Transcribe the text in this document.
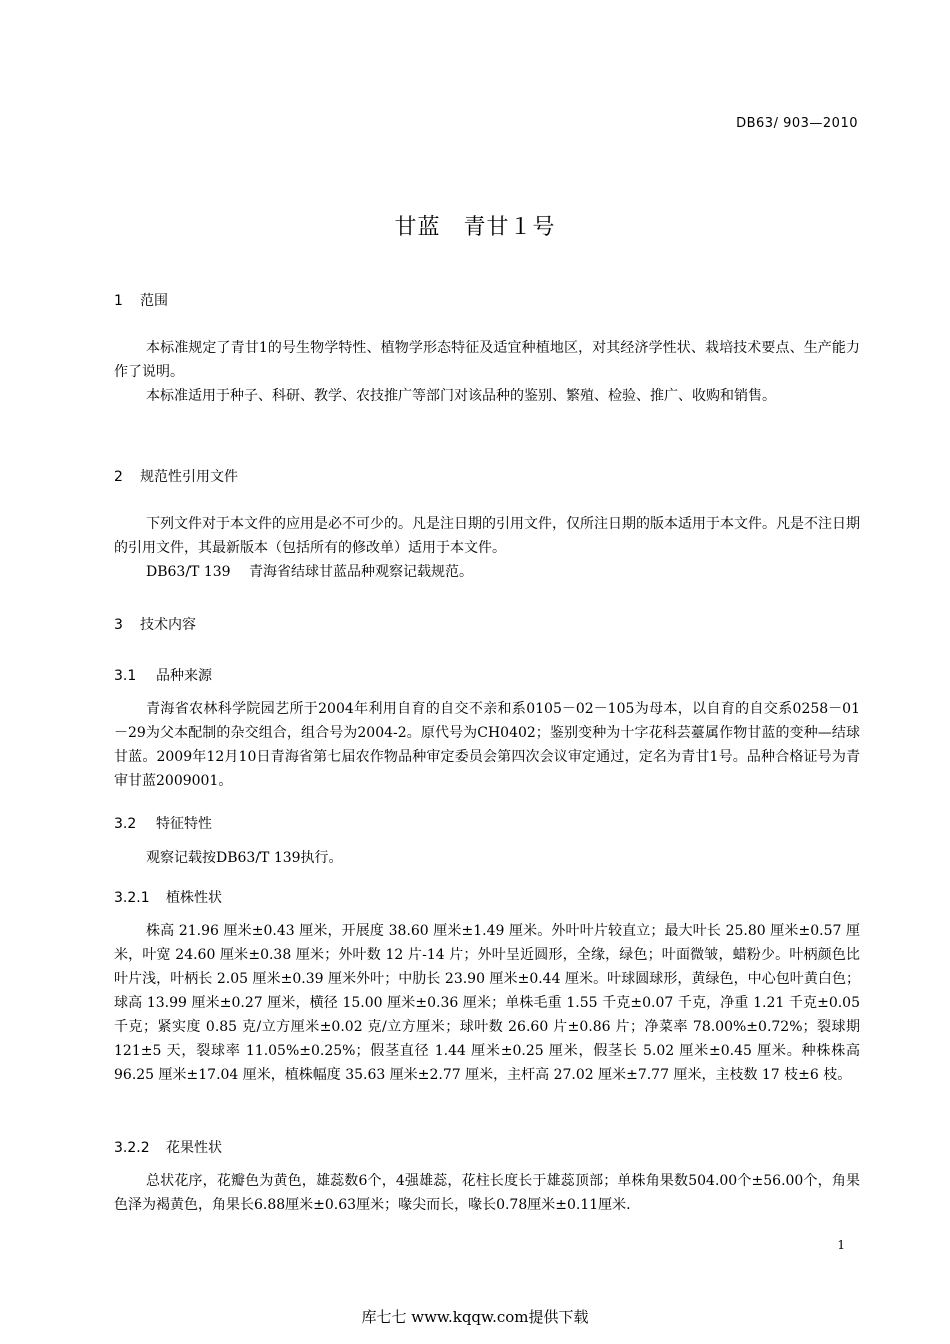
DB63/ 903—2010
甘蓝　青甘１号
1 范围

本标准规定了青甘1的号生物学特性、植物学形态特征及适宜种植地区，对其经济学性状、栽培技术要点、生产能力作了说明。

本标准适用于种子、科研、教学、农技推广等部门对该品种的鉴别、繁殖、检验、推广、收购和销售。

2 规范性引用文件

下列文件对于本文件的应用是必不可少的。凡是注日期的引用文件，仅所注日期的版本适用于本文件。凡是不注日期的引用文件，其最新版本（包括所有的修改单）适用于本文件。

DB63/T 139　 青海省结球甘蓝品种观察记载规范。
3 技术内容
3.1 品种来源

青海省农林科学院园艺所于2004年利用自育的自交不亲和系0105－02－105为母本，以自育的自交系0258－01－29为父本配制的杂交组合，组合号为2004-2。原代号为CH0402；鉴别变种为十字花科芸薹属作物甘蓝的变种—结球甘蓝。2009年12月10日青海省第七届农作物品种审定委员会第四次会议审定通过，定名为青甘1号。品种合格证号为青审甘蓝2009001。

3.2 特征特性

观察记载按DB63/T 139执行。

3.2.1 植株性状

株高 21.96 厘米±0.43 厘米，开展度 38.60 厘米±1.49 厘米。外叶叶片较直立；最大叶长 25.80 厘米±0.57 厘米，叶宽 24.60 厘米±0.38 厘米；外叶数 12 片-14 片；外叶呈近圆形，全缘，绿色；叶面微皱，蜡粉少。叶柄颜色比叶片浅，叶柄长 2.05 厘米±0.39 厘米外叶；中肋长 23.90 厘米±0.44 厘米。叶球圆球形，黄绿色，中心包叶黄白色；球高 13.99 厘米±0.27 厘米，横径 15.00 厘米±0.36 厘米；单株毛重 1.55 千克±0.07 千克，净重 1.21 千克±0.05 千克；紧实度 0.85 克/立方厘米±0.02 克/立方厘米；球叶数 26.60 片±0.86 片；净菜率 78.00%±0.72%；裂球期 121±5 天，裂球率 11.05%±0.25%；假茎直径 1.44 厘米±0.25 厘米，假茎长 5.02 厘米±0.45 厘米。种株株高 96.25 厘米±17.04 厘米，植株幅度 35.63 厘米±2.77 厘米，主杆高 27.02 厘米±7.77 厘米，主枝数 17 枝±6 枝。

3.2.2 花果性状

总状花序，花瓣色为黄色，雄蕊数6个，4强雄蕊，花柱长度长于雄蕊顶部；单株角果数504.00个±56.00个，角果色泽为褐黄色，角果长6.88厘米±0.63厘米；喙尖而长，喙长0.78厘米±0.11厘米.

1
库七七 www.kqqw.com提供下载
